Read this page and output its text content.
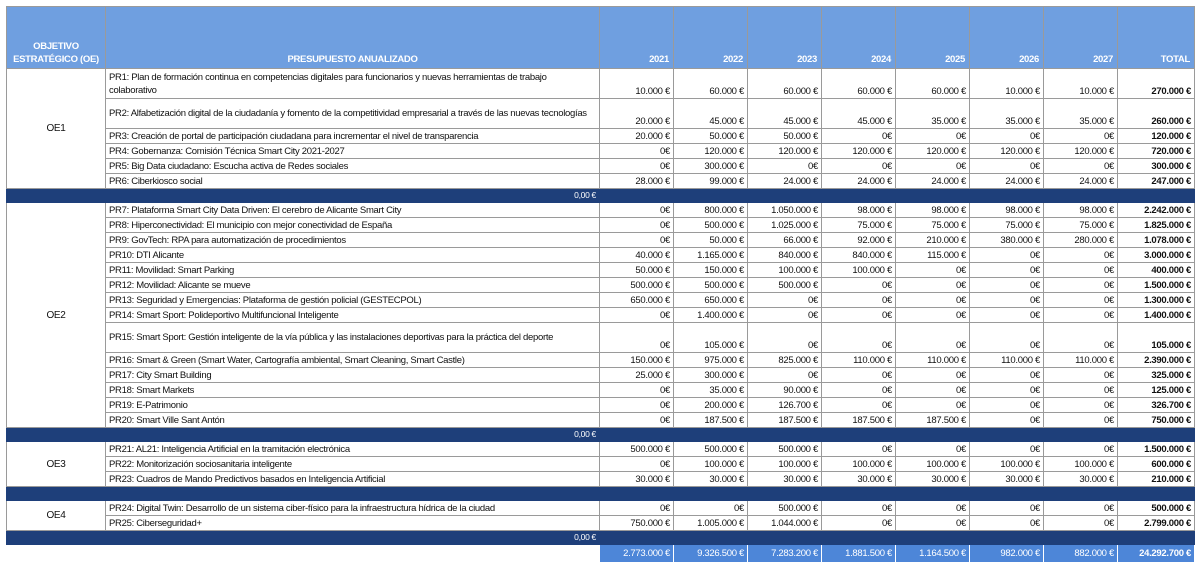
OBJETIVO
ESTRATÉGICO (OE)	PRESUPUESTO ANUALIZADO	2021	2022	2023	2024	2025	2026	2027	TOTAL
OE1	PR1: Plan de formación continua en competencias digitales para funcionarios y nuevas herramientas de trabajo colaborativo	10.000 €	60.000 €	60.000 €	60.000 €	60.000 €	10.000 €	10.000 €	270.000 €
	PR2: Alfabetización digital de la ciudadanía y fomento de la competitividad empresarial a través de las nuevas tecnologías	20.000 €	45.000 €	45.000 €	45.000 €	35.000 €	35.000 €	35.000 €	260.000 €
	PR3: Creación de portal de participación ciudadana para incrementar el nivel de transparencia	20.000 €	50.000 €	50.000 €	0€	0€	0€	0€	120.000 €
	PR4: Gobernanza: Comisión Técnica Smart City 2021-2027	0€	120.000 €	120.000 €	120.000 €	120.000 €	120.000 €	120.000 €	720.000 €
	PR5: Big Data ciudadano: Escucha activa de Redes sociales	0€	300.000 €	0€	0€	0€	0€	0€	300.000 €
	PR6: Ciberkiosco social	28.000 €	99.000 €	24.000 €	24.000 €	24.000 €	24.000 €	24.000 €	247.000 €
0,00 €									
OE2	PR7: Plataforma Smart City Data Driven: El cerebro de Alicante Smart City	0€	800.000 €	1.050.000 €	98.000 €	98.000 €	98.000 €	98.000 €	2.242.000 €
	PR8: Hiperconectividad: El municipio con mejor conectividad de España	0€	500.000 €	1.025.000 €	75.000 €	75.000 €	75.000 €	75.000 €	1.825.000 €
	PR9: GovTech: RPA para automatización de procedimientos	0€	50.000 €	66.000 €	92.000 €	210.000 €	380.000 €	280.000 €	1.078.000 €
	PR10: DTI Alicante	40.000 €	1.165.000 €	840.000 €	840.000 €	115.000 €	0€	0€	3.000.000 €
	PR11: Movilidad: Smart Parking	50.000 €	150.000 €	100.000 €	100.000 €	0€	0€	0€	400.000 €
	PR12: Movilidad: Alicante se mueve	500.000 €	500.000 €	500.000 €	0€	0€	0€	0€	1.500.000 €
	PR13: Seguridad y Emergencias: Plataforma de gestión policial (GESTECPOL)	650.000 €	650.000 €	0€	0€	0€	0€	0€	1.300.000 €
	PR14: Smart Sport: Polideportivo Multifuncional Inteligente	0€	1.400.000 €	0€	0€	0€	0€	0€	1.400.000 €
	PR15: Smart Sport: Gestión inteligente de la vía pública y las instalaciones deportivas para la práctica del deporte	0€	105.000 €	0€	0€	0€	0€	0€	105.000 €
	PR16: Smart & Green (Smart Water, Cartografía ambiental, Smart Cleaning, Smart Castle)	150.000 €	975.000 €	825.000 €	110.000 €	110.000 €	110.000 €	110.000 €	2.390.000 €
	PR17: City Smart Building	25.000 €	300.000 €	0€	0€	0€	0€	0€	325.000 €
	PR18: Smart Markets	0€	35.000 €	90.000 €	0€	0€	0€	0€	125.000 €
	PR19: E-Patrimonio	0€	200.000 €	126.700 €	0€	0€	0€	0€	326.700 €
	PR20: Smart Ville Sant Antón	0€	187.500 €	187.500 €	187.500 €	187.500 €	0€	0€	750.000 €
0,00 €									
OE3	PR21: AL21: Inteligencia Artificial en la tramitación electrónica	500.000 €	500.000 €	500.000 €	0€	0€	0€	0€	1.500.000 €
	PR22: Monitorización sociosanitaria inteligente	0€	100.000 €	100.000 €	100.000 €	100.000 €	100.000 €	100.000 €	600.000 €
	PR23: Cuadros de Mando Predictivos basados en Inteligencia Artificial	30.000 €	30.000 €	30.000 €	30.000 €	30.000 €	30.000 €	30.000 €	210.000 €

OE4	PR24: Digital Twin: Desarrollo de un sistema ciber-físico para la infraestructura hídrica de la ciudad	0€	0€	500.000 €	0€	0€	0€	0€	500.000 €
	PR25: Ciberseguridad+	750.000 €	1.005.000 €	1.044.000 €	0€	0€	0€	0€	2.799.000 €
0,00 €									
		2.773.000 €	9.326.500 €	7.283.200 €	1.881.500 €	1.164.500 €	982.000 €	882.000 €	24.292.700 €
